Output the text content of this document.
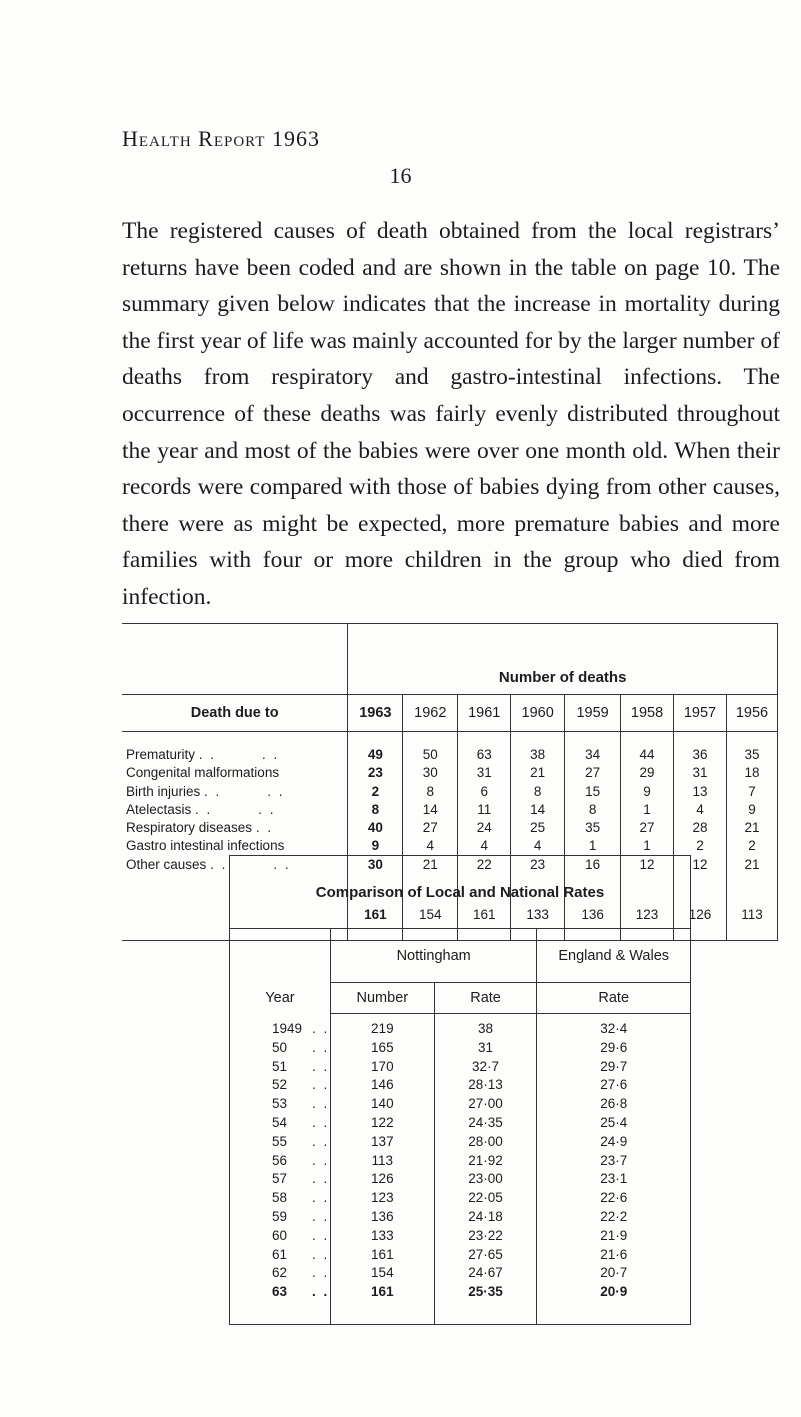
Health Report 1963
16
The registered causes of death obtained from the local registrars’ returns have been coded and are shown in the table on page 10. The summary given below indicates that the increase in mortality during the first year of life was mainly accounted for by the larger number of deaths from respiratory and gastro-intestinal infections. The occurrence of these deaths was fairly evenly distributed throughout the year and most of the babies were over one month old. When their records were compared with those of babies dying from other causes, there were as might be expected, more premature babies and more families with four or more children in the group who died from infection.
	Number of deaths							
Death due to	1963	1962	1961	1960	1959	1958	1957	1956

Prematurity . .        . .	49	50	63	38	34	44	36	35
Congenital malformations	23	30	31	21	27	29	31	18
Birth injuries . .        . .	2	8	6	8	15	9	13	7
Atelectasis . .        . .	8	14	11	14	8	1	4	9
Respiratory diseases . .	40	27	24	25	35	27	28	21
Gastro intestinal infections	9	4	4	4	1	1	2	2
Other causes . .        . .	30	21	22	23	16	12	12	21

	161	154	161	133	136	123	126	113
Comparison of Local and National Rates			
Year	Nottingham		England & Wales
	Number	Rate	Rate

1949 . .	219	38	32·4
50 . .	165	31	29·6
51 . .	170	32·7	29·7
52 . .	146	28·13	27·6
53 . .	140	27·00	26·8
54 . .	122	24·35	25·4
55 . .	137	28·00	24·9
56 . .	113	21·92	23·7
57 . .	126	23·00	23·1
58 . .	123	22·05	22·6
59 . .	136	24·18	22·2
60 . .	133	23·22	21·9
61 . .	161	27·65	21·6
62 . .	154	24·67	20·7
63 . .	161	25·35	20·9
